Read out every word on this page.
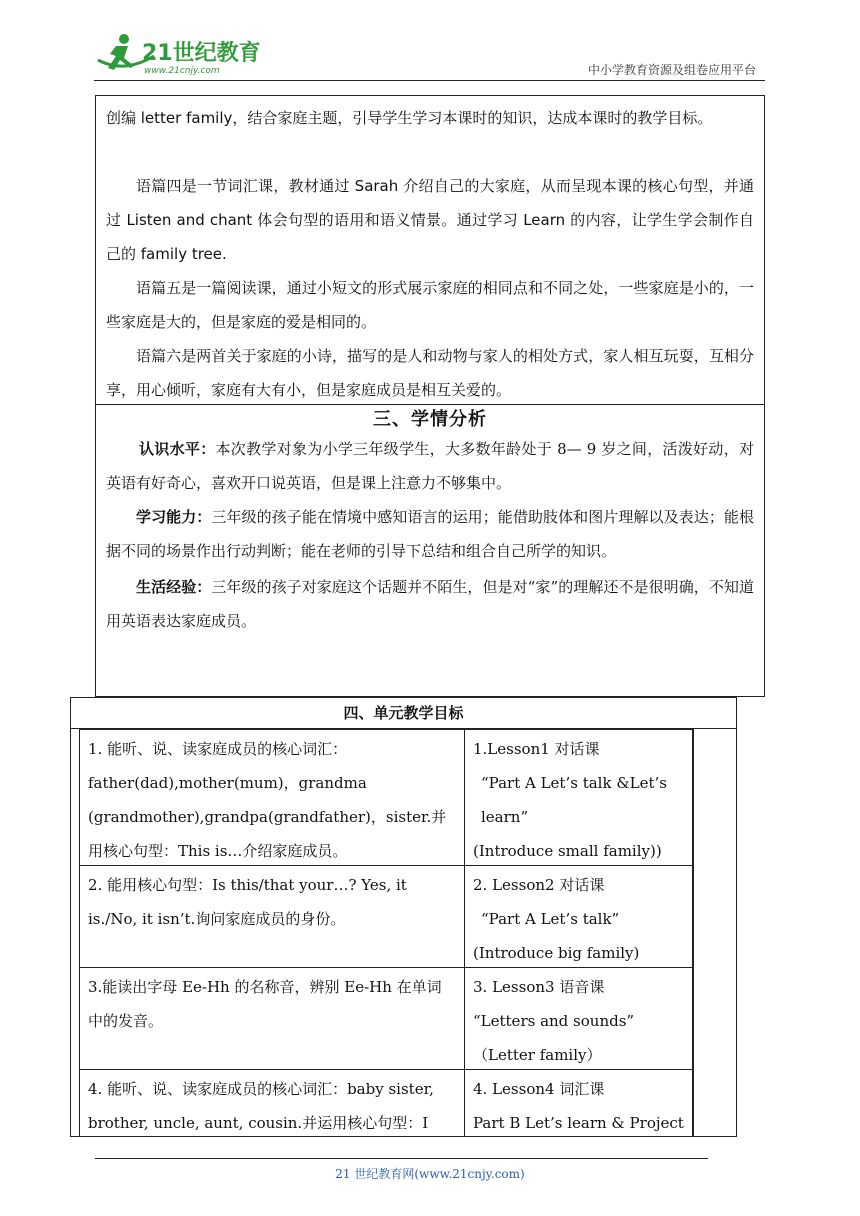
21世纪教育
www.21cnjy.com	中小学教育资源及组卷应用平台
创编 letter family，结合家庭主题，引导学生学习本课时的知识，达成本课时的教学目标。
语篇四是一节词汇课，教材通过 Sarah 介绍自己的大家庭，从而呈现本课的核心句型，并通过 Listen and chant 体会句型的语用和语义情景。通过学习 Learn 的内容，让学生学会制作自己的 family tree.
语篇五是一篇阅读课，通过小短文的形式展示家庭的相同点和不同之处，一些家庭是小的，一些家庭是大的，但是家庭的爱是相同的。
语篇六是两首关于家庭的小诗，描写的是人和动物与家人的相处方式，家人相互玩耍，互相分享，用心倾听，家庭有大有小，但是家庭成员是相互关爱的。
三、学情分析
认识水平：本次教学对象为小学三年级学生，大多数年龄处于 8— 9 岁之间，活泼好动，对英语有好奇心，喜欢开口说英语，但是课上注意力不够集中。
学习能力：三年级的孩子能在情境中感知语言的运用；能借助肢体和图片理解以及表达；能根据不同的场景作出行动判断；能在老师的引导下总结和组合自己所学的知识。
生活经验：三年级的孩子对家庭这个话题并不陌生，但是对“家”的理解还不是很明确，不知道用英语表达家庭成员。
四、单元教学目标
1. 能听、说、读家庭成员的核心词汇：father(dad),mother(mum)，grandma (grandmother),grandpa(grandfather)，sister.并用核心句型：This is…介绍家庭成员。
1.Lesson1 对话课
“Part A Let’s talk &Let’s learn”
(Introduce small family))
2. 能用核心句型：Is this/that your…? Yes, it is./No, it isn’t.询问家庭成员的身份。
2. Lesson2 对话课
“Part A Let’s talk”
(Introduce big family)
3.能读出字母 Ee-Hh 的名称音，辨别 Ee-Hh 在单词中的发音。
3. Lesson3 语音课
“Letters and sounds”
（Letter family）
4. 能听、说、读家庭成员的核心词汇：baby sister, brother, uncle, aunt, cousin.并运用核心句型：I
4. Lesson4 词汇课
Part B Let’s learn & Project
21 世纪教育网(www.21cnjy.com)
